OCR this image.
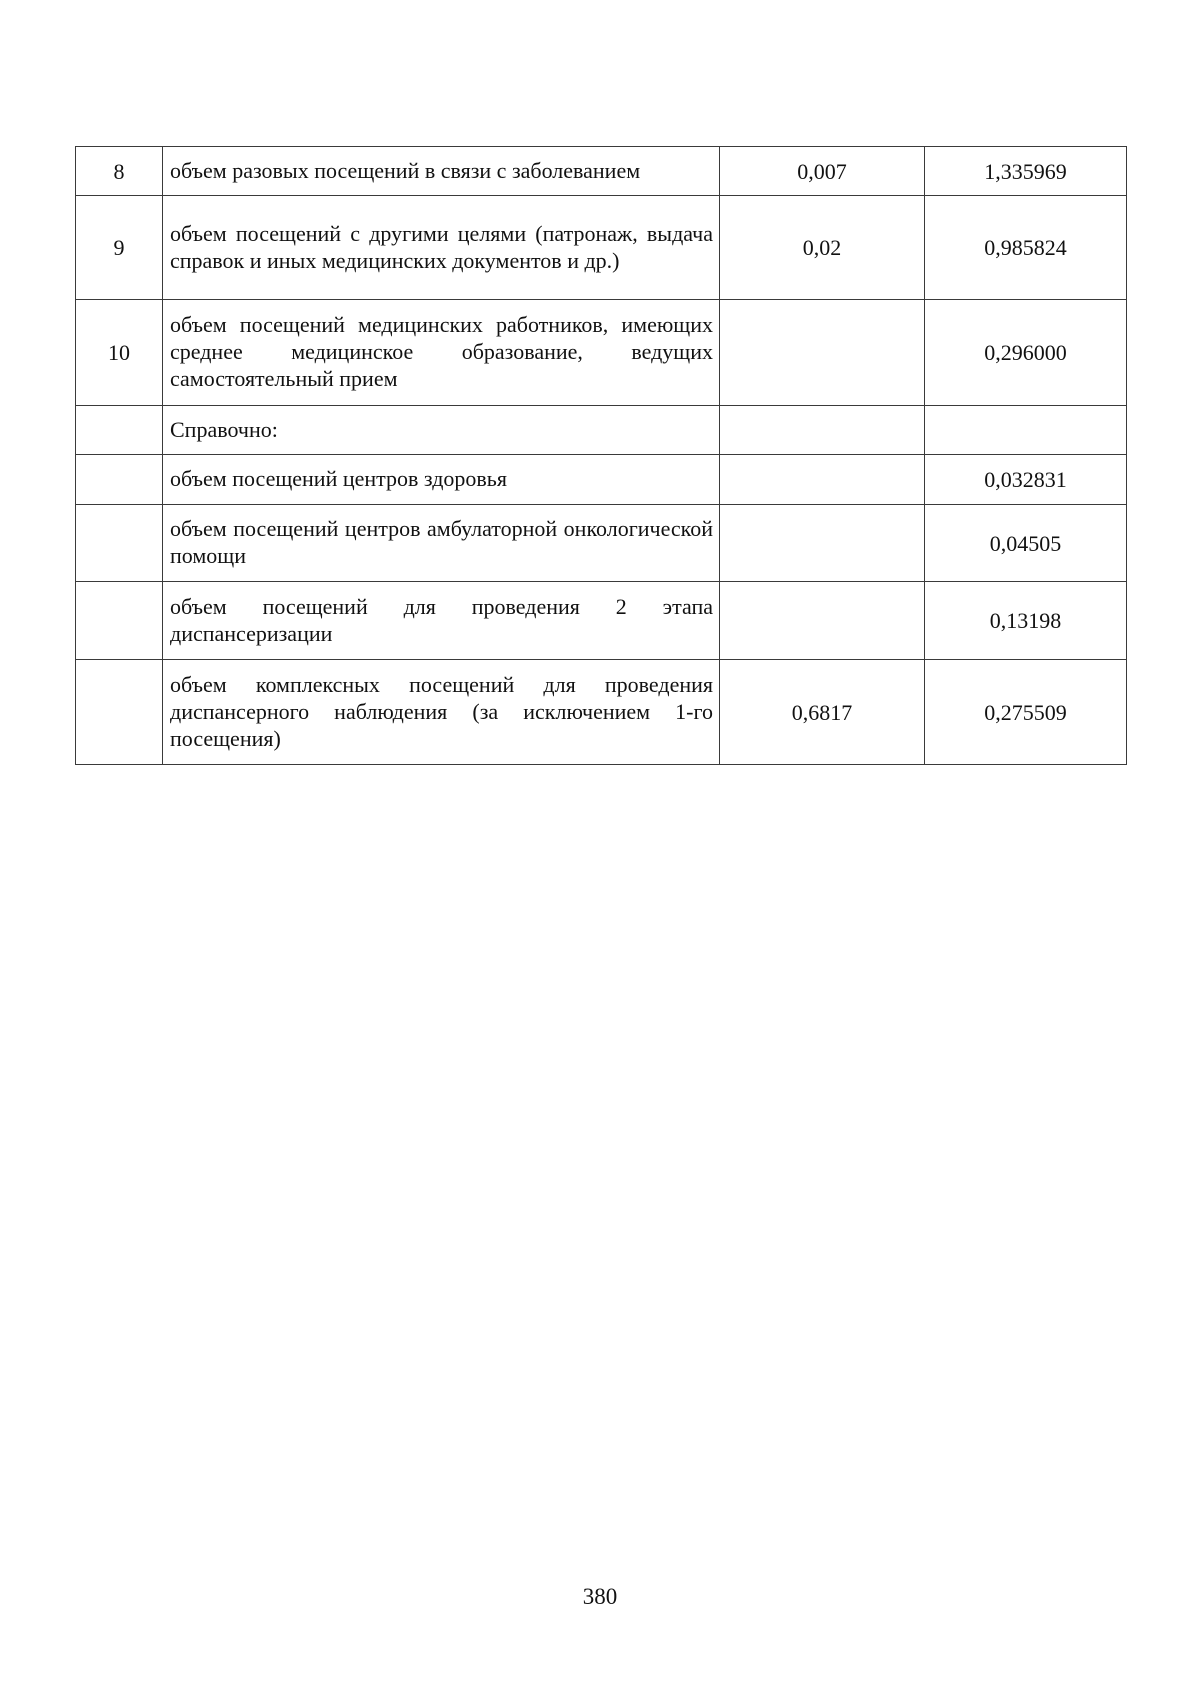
8	объем разовых посещений в связи с заболеванием	0,007	1,335969
9	объем посещений с другими целями (патронаж, выдача справок и иных медицинских документов и др.)	0,02	0,985824
10	объем посещений медицинских работников, имеющих среднее медицинское образование, ведущих самостоятельный прием		0,296000
	Справочно:		
	объем посещений центров здоровья		0,032831
	объем посещений центров амбулаторной онкологической помощи		0,04505
	объем посещений для проведения 2 этапа диспансеризации		0,13198
	объем комплексных посещений для проведения диспансерного наблюдения (за исключением 1-го посещения)	0,6817	0,275509
380
